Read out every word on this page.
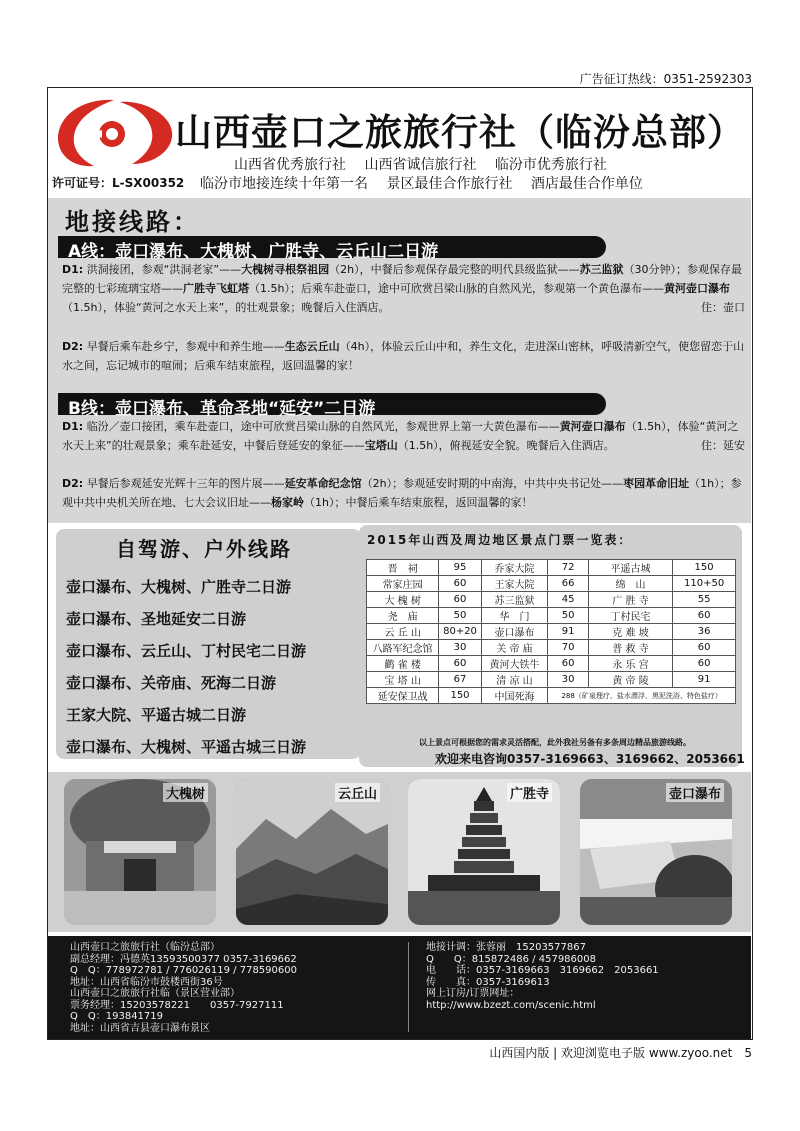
广告征订热线：0351-2592303
山西壶口之旅旅行社（临汾总部）
山西省优秀旅行社 山西省诚信旅行社 临汾市优秀旅行社
许可证号：L-SX00352 临汾市地接连续十年第一名 景区最佳合作旅行社 酒店最佳合作单位
地接线路：
A线：壶口瀑布、大槐树、广胜寺、云丘山二日游
D1: 洪洞接团，参观“洪洞老家”——大槐树寻根祭祖园（2h），中餐后参观保存最完整的明代县级监狱——苏三监狱（30分钟）；参观保存最完整的七彩琉璃宝塔——广胜寺飞虹塔（1.5h）；后乘车赴壶口，途中可欣赏吕梁山脉的自然风光，参观第一个黄色瀑布——黄河壶口瀑布（1.5h），体验“黄河之水天上来”，的壮观景象；晚餐后入住酒店。	住：壶口
D2: 早餐后乘车赴乡宁，参观中和养生地——生态云丘山（4h），体验云丘山中和，养生文化，走进深山密林，呼吸清新空气，使您留恋于山水之间，忘记城市的喧闹；后乘车结束旅程，返回温馨的家！
B线：壶口瀑布、革命圣地“延安”二日游
D1: 临汾／壶口接团，乘车赴壶口，途中可欣赏吕梁山脉的自然风光，参观世界上第一大黄色瀑布——黄河壶口瀑布（1.5h），体验“黄河之水天上来”的壮观景象；乘车赴延安，中餐后登延安的象征——宝塔山（1.5h），俯视延安全貌。晚餐后入住酒店。	住：延安
D2: 早餐后参观延安光辉十三年的图片展——延安革命纪念馆（2h）；参观延安时期的中南海，中共中央书记处——枣园革命旧址（1h）；参观中共中央机关所在地、七大会议旧址——杨家岭（1h）；中餐后乘车结束旅程，返回温馨的家！
自驾游、户外线路
壶口瀑布、大槐树、广胜寺二日游
壶口瀑布、圣地延安二日游
壶口瀑布、云丘山、丁村民宅二日游
壶口瀑布、关帝庙、死海二日游
王家大院、平遥古城二日游
壶口瀑布、大槐树、平遥古城三日游
2015年山西及周边地区景点门票一览表：
晋　祠	95	乔家大院	72	平遥古城	150
常家庄园	60	王家大院	66	绵　山	110+50
大 槐 树	60	苏三监狱	45	广 胜 寺	55
尧　庙	50	华　门	50	丁村民宅	60
云 丘 山	80+20	壶口瀑布	91	克 难 坡	36
八路军纪念馆	30	关 帝 庙	70	普 救 寺	60
鹳 雀 楼	60	黄河大铁牛	60	永 乐 宫	60
宝 塔 山	67	清 凉 山	30	黄 帝 陵	91
延安保卫战	150	中国死海	288（矿泉理疗、盐水漂浮、黑泥洗浴、特色盐疗）		
以上景点可根据您的需求灵活搭配，此外我社另备有多条周边精品旅游线路。
欢迎来电咨询0357-3169663、3169662、2053661
大槐树	云丘山	广胜寺	壶口瀑布
山西壶口之旅旅行社（临汾总部）
副总经理：冯德英13593500377 0357-3169662
Q　Q：778972781 / 776026119 / 778590600
地址：山西省临汾市鼓楼西街36号
山西壶口之旅旅行社临（景区营业部）
票务经理：15203578221　　0357-7927111
Q　Q：193841719
地址：山西省吉县壶口瀑布景区
地接计调：张蓉丽　15203577867
Q　　Q：815872486 / 457986008
电　　话：0357-3169663　3169662　2053661
传　　真：0357-3169613
网上订房/订票网址：
http://www.bzezt.com/scenic.html
山西国内版 | 欢迎浏览电子版 www.zyoo.net　5
